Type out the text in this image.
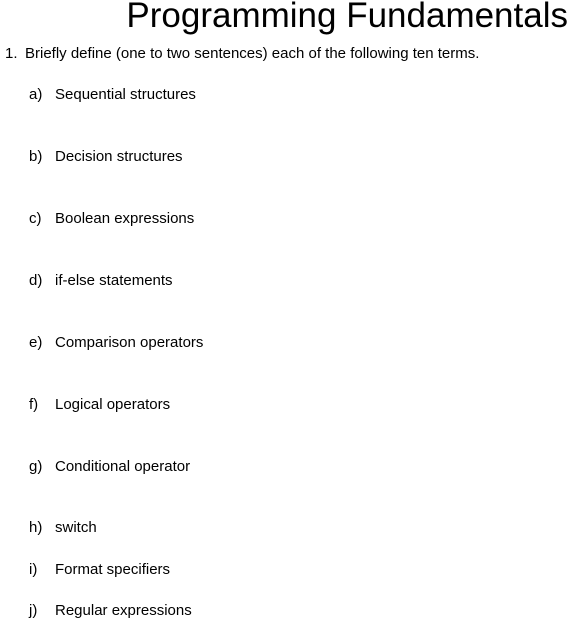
Programming Fundamentals
1. Briefly define (one to two sentences) each of the following ten terms.
a) Sequential structures
b) Decision structures
c) Boolean expressions
d) if-else statements
e) Comparison operators
f) Logical operators
g) Conditional operator
h) switch
i) Format specifiers
j) Regular expressions
